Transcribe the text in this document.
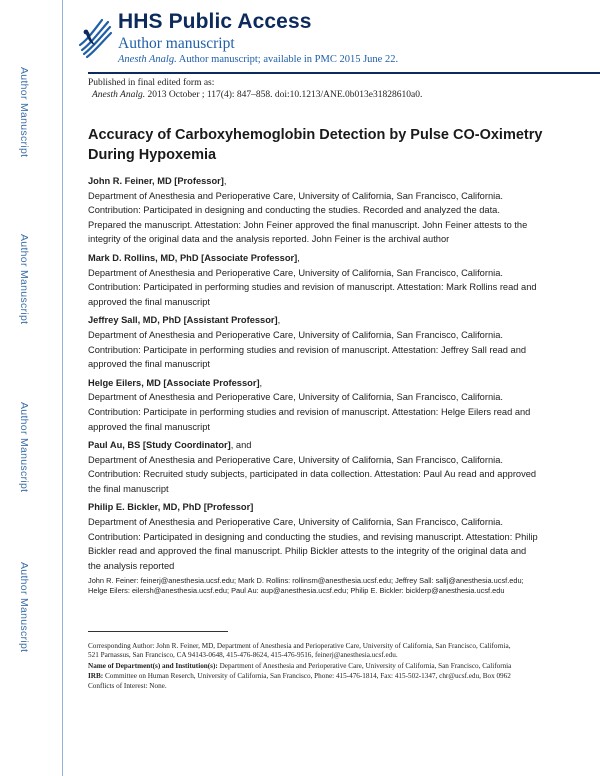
HHS Public Access
Author manuscript
Anesth Analg. Author manuscript; available in PMC 2015 June 22.
Author Manuscript
Author Manuscript
Author Manuscript
Author Manuscript
Published in final edited form as:
Anesth Analg. 2013 October ; 117(4): 847–858. doi:10.1213/ANE.0b013e31828610a0.
Accuracy of Carboxyhemoglobin Detection by Pulse CO-Oximetry During Hypoxemia
John R. Feiner, MD [Professor],
Department of Anesthesia and Perioperative Care, University of California, San Francisco, California. Contribution: Participated in designing and conducting the studies. Recorded and analyzed the data. Prepared the manuscript. Attestation: John Feiner approved the final manuscript. John Feiner attests to the integrity of the original data and the analysis reported. John Feiner is the archival author
Mark D. Rollins, MD, PhD [Associate Professor],
Department of Anesthesia and Perioperative Care, University of California, San Francisco, California. Contribution: Participated in performing studies and revision of manuscript. Attestation: Mark Rollins read and approved the final manuscript
Jeffrey Sall, MD, PhD [Assistant Professor],
Department of Anesthesia and Perioperative Care, University of California, San Francisco, California. Contribution: Participate in performing studies and revision of manuscript. Attestation: Jeffrey Sall read and approved the final manuscript
Helge Eilers, MD [Associate Professor],
Department of Anesthesia and Perioperative Care, University of California, San Francisco, California. Contribution: Participate in performing studies and revision of manuscript. Attestation: Helge Eilers read and approved the final manuscript
Paul Au, BS [Study Coordinator], and
Department of Anesthesia and Perioperative Care, University of California, San Francisco, California. Contribution: Recruited study subjects, participated in data collection. Attestation: Paul Au read and approved the final manuscript
Philip E. Bickler, MD, PhD [Professor]
Department of Anesthesia and Perioperative Care, University of California, San Francisco, California. Contribution: Participated in designing and conducting the studies, and revising manuscript. Attestation: Philip Bickler read and approved the final manuscript. Philip Bickler attests to the integrity of the original data and the analysis reported
John R. Feiner: feinerj@anesthesia.ucsf.edu; Mark D. Rollins: rollinsm@anesthesia.ucsf.edu; Jeffrey Sall: sallj@anesthesia.ucsf.edu; Helge Eilers: eilersh@anesthesia.ucsf.edu; Paul Au: aup@anesthesia.ucsf.edu; Philip E. Bickler: bicklerp@anesthesia.ucsf.edu

Corresponding Author: John R. Feiner, MD, Department of Anesthesia and Perioperative Care, University of California, San Francisco, California, 521 Parnassus, San Francisco, CA 94143-0648, 415-476-8624, 415-476-9516, feinerj@anesthesia.ucsf.edu.

Name of Department(s) and Institution(s): Department of Anesthesia and Perioperative Care, University of California, San Francisco, California

IRB: Committee on Human Reserch, University of California, San Francisco, Phone: 415-476-1814, Fax: 415-502-1347, chr@ucsf.edu, Box 0962

Conflicts of Interest: None.
